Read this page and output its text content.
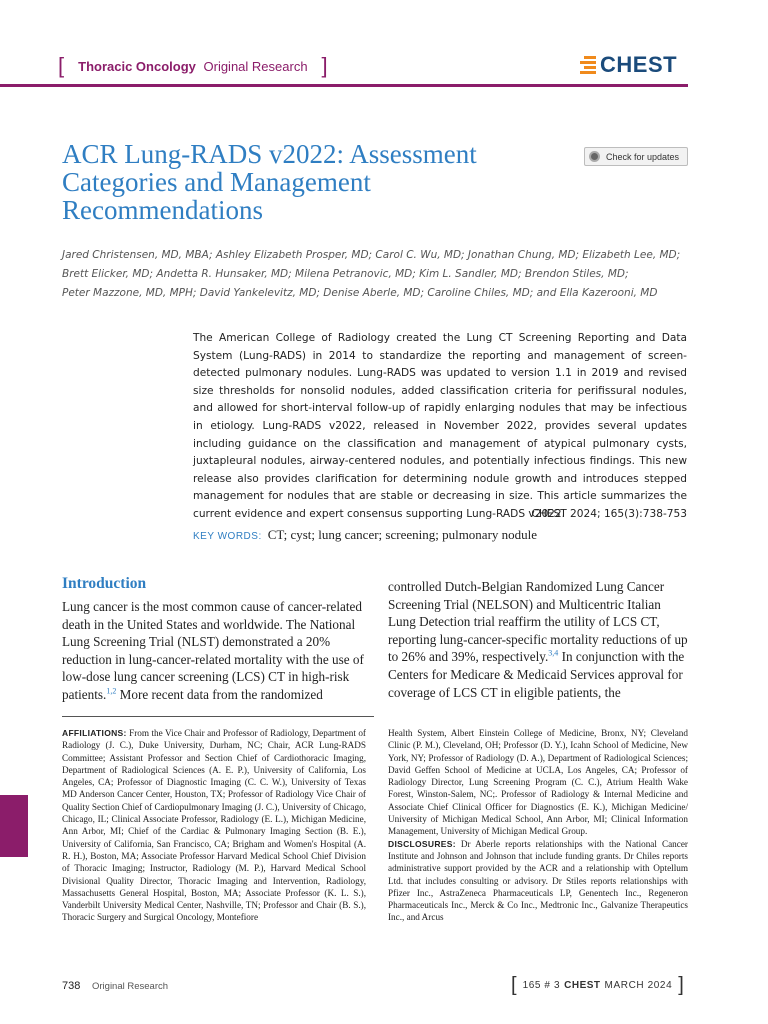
[ Thoracic Oncology Original Research ]	CHEST
ACR Lung-RADS v2022: Assessment Categories and Management Recommendations
Check for updates
Jared Christensen, MD, MBA; Ashley Elizabeth Prosper, MD; Carol C. Wu, MD; Jonathan Chung, MD; Elizabeth Lee, MD;
Brett Elicker, MD; Andetta R. Hunsaker, MD; Milena Petranovic, MD; Kim L. Sandler, MD; Brendon Stiles, MD;
Peter Mazzone, MD, MPH; David Yankelevitz, MD; Denise Aberle, MD; Caroline Chiles, MD; and Ella Kazerooni, MD
The American College of Radiology created the Lung CT Screening Reporting and Data System (Lung-RADS) in 2014 to standardize the reporting and management of screen-detected pulmonary nodules. Lung-RADS was updated to version 1.1 in 2019 and revised size thresholds for nonsolid nodules, added classification criteria for perifissural nodules, and allowed for short-interval follow-up of rapidly enlarging nodules that may be infectious in etiology. Lung-RADS v2022, released in November 2022, provides several updates including guidance on the classification and management of atypical pulmonary cysts, juxtapleural nodules, airway-centered nodules, and potentially infectious findings. This new release also provides clarification for determining nodule growth and introduces stepped management for nodules that are stable or decreasing in size. This article summarizes the current evidence and expert consensus supporting Lung-RADS v2022.
CHEST 2024; 165(3):738-753
KEY WORDS: CT; cyst; lung cancer; screening; pulmonary nodule
Introduction
Lung cancer is the most common cause of cancer-related death in the United States and worldwide. The National Lung Screening Trial (NLST) demonstrated a 20% reduction in lung-cancer-related mortality with the use of low-dose lung cancer screening (LCS) CT in high-risk patients.$^{1,2}$ More recent data from the randomized
controlled Dutch-Belgian Randomized Lung Cancer Screening Trial (NELSON) and Multicentric Italian Lung Detection trial reaffirm the utility of LCS CT, reporting lung-cancer-specific mortality reductions of up to 26% and 39%, respectively.$^{3,4}$ In conjunction with the Centers for Medicare & Medicaid Services approval for coverage of LCS CT in eligible patients, the
AFFILIATIONS: From the Vice Chair and Professor of Radiology, Department of Radiology (J. C.), Duke University, Durham, NC; Chair, ACR Lung-RADS Committee; Assistant Professor and Section Chief of Cardiothoracic Imaging, Department of Radiological Sciences (A. E. P.), University of California, Los Angeles, CA; Professor of Diagnostic Imaging (C. C. W.), University of Texas MD Anderson Cancer Center, Houston, TX; Professor of Radiology Vice Chair of Quality Section Chief of Cardiopulmonary Imaging (J. C.), University of Chicago, Chicago, IL; Clinical Associate Professor, Radiology (E. L.), Michigan Medicine, Ann Arbor, MI; Chief of the Cardiac & Pulmonary Imaging Section (B. E.), University of California, San Francisco, CA; Brigham and Women's Hospital (A. R. H.), Boston, MA; Associate Professor Harvard Medical School Chief Division of Thoracic Imaging; Instructor, Radiology (M. P.), Harvard Medical School Divisional Quality Director, Thoracic Imaging and Intervention, Radiology, Massachusetts General Hospital, Boston, MA; Associate Professor (K. L. S.), Vanderbilt University Medical Center, Nashville, TN; Professor and Chair (B. S.), Thoracic Surgery and Surgical Oncology, Montefiore
Health System, Albert Einstein College of Medicine, Bronx, NY; Cleveland Clinic (P. M.), Cleveland, OH; Professor (D. Y.), Icahn School of Medicine, New York, NY; Professor of Radiology (D. A.), Department of Radiological Sciences; David Geffen School of Medicine at UCLA, Los Angeles, CA; Professor of Radiology Director, Lung Screening Program (C. C.), Atrium Health Wake Forest, Winston-Salem, NC;. Professor of Radiology & Internal Medicine and Associate Chief Clinical Officer for Diagnostics (E. K.), Michigan Medicine/ University of Michigan Medical School, Ann Arbor, MI; Clinical Information Management, University of Michigan Medical Group.
DISCLOSURES: Dr Aberle reports relationships with the National Cancer Institute and Johnson and Johnson that include funding grants. Dr Chiles reports administrative support provided by the ACR and a relationship with Optellum Ltd. that includes consulting or advisory. Dr Stiles reports relationships with Pfizer Inc., AstraZeneca Pharmaceuticals LP, Genentech Inc., Regeneron Pharmaceuticals Inc., Merck & Co Inc., Medtronic Inc., Galvanize Therapeutics Inc., and Arcus
738 Original Research	[ 165 # 3 CHEST MARCH 2024 ]
